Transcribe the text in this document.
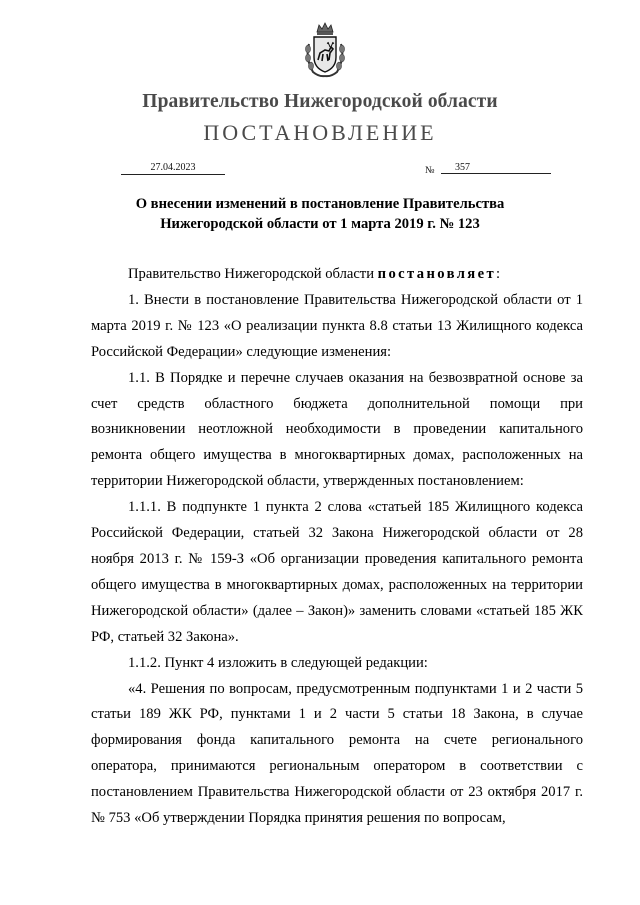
Правительство Нижегородской области
ПОСТАНОВЛЕНИЕ
27.04.2023	№	357
О внесении изменений в постановление Правительства
Нижегородской области от 1 марта 2019 г. № 123

Правительство Нижегородской области постановляет:

1. Внести в постановление Правительства Нижегородской области от 1 марта 2019 г. № 123 «О реализации пункта 8.8 статьи 13 Жилищного кодекса Российской Федерации» следующие изменения:

1.1. В Порядке и перечне случаев оказания на безвозвратной основе за счет средств областного бюджета дополнительной помощи при возникновении неотложной необходимости в проведении капитального ремонта общего имущества в многоквартирных домах, расположенных на территории Нижегородской области, утвержденных постановлением:

1.1.1. В подпункте 1 пункта 2 слова «статьей 185 Жилищного кодекса Российской Федерации, статьей 32 Закона Нижегородской области от 28 ноября 2013 г. № 159-З «Об организации проведения капитального ремонта общего имущества в многоквартирных домах, расположенных на территории Нижегородской области» (далее – Закон)» заменить словами «статьей 185 ЖК РФ, статьей 32 Закона».

1.1.2. Пункт 4 изложить в следующей редакции:

«4. Решения по вопросам, предусмотренным подпунктами 1 и 2 части 5 статьи 189 ЖК РФ, пунктами 1 и 2 части 5 статьи 18 Закона, в случае формирования фонда капитального ремонта на счете регионального оператора, принимаются региональным оператором в соответствии с постановлением Правительства Нижегородской области от 23 октября 2017 г. № 753 «Об утверждении Порядка принятия решения по вопросам,
